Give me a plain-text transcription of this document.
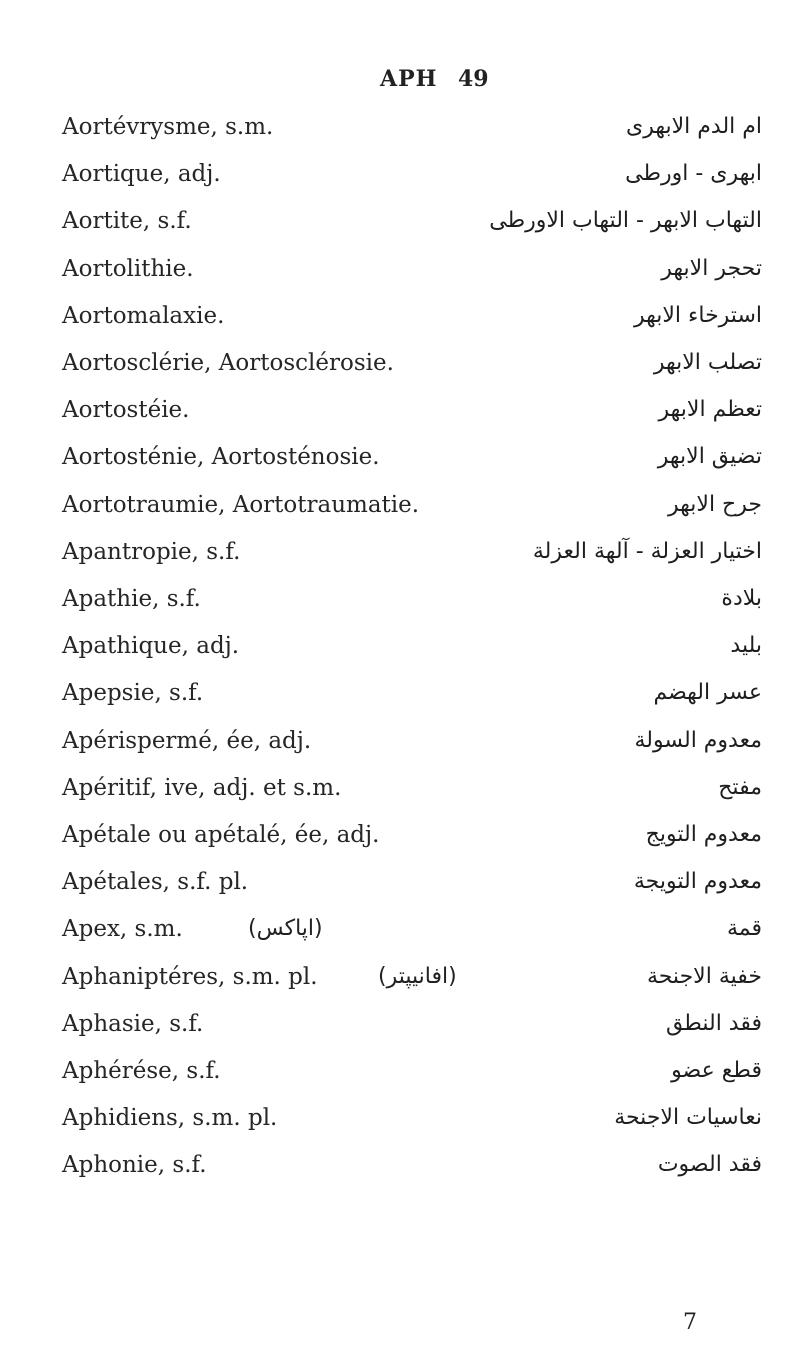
APH 49
Aortévrysme, s.m.	ام الدم الابهرى
Aortique, adj.	ابهرى - اورطى
Aortite, s.f.	التهاب الابهر - التهاب الاورطى
Aortolithie.	تحجر الابهر
Aortomalaxie.	استرخاء الابهر
Aortosclérie, Aortosclérosie.	تصلب الابهر
Aortostéie.	تعظم الابهر
Aortosténie, Aortosténosie.	تضيق الابهر
Aortotraumie, Aortotraumatie.	جرح الابهر
Apantropie, s.f.	اختيار العزلة - آلهة العزلة
Apathie, s.f.	بلادة
Apathique, adj.	بليد
Apepsie, s.f.	عسر الهضم
Apérispermé, ée, adj.	معدوم السولة
Apéritif, ive, adj. et s.m.	مفتح
Apétale ou apétalé, ée, adj.	معدوم التويج
Apétales, s.f. pl.	معدوم التويجة
Apex, s.m.	(اپاكس)	قمة
Aphaniptéres, s.m. pl.	(افانيپتر)	خفية الاجنحة
Aphasie, s.f.	فقد النطق
Aphérése, s.f.	قطع عضو
Aphidiens, s.m. pl.	نعاسيات الاجنحة
Aphonie, s.f.	فقد الصوت
7
